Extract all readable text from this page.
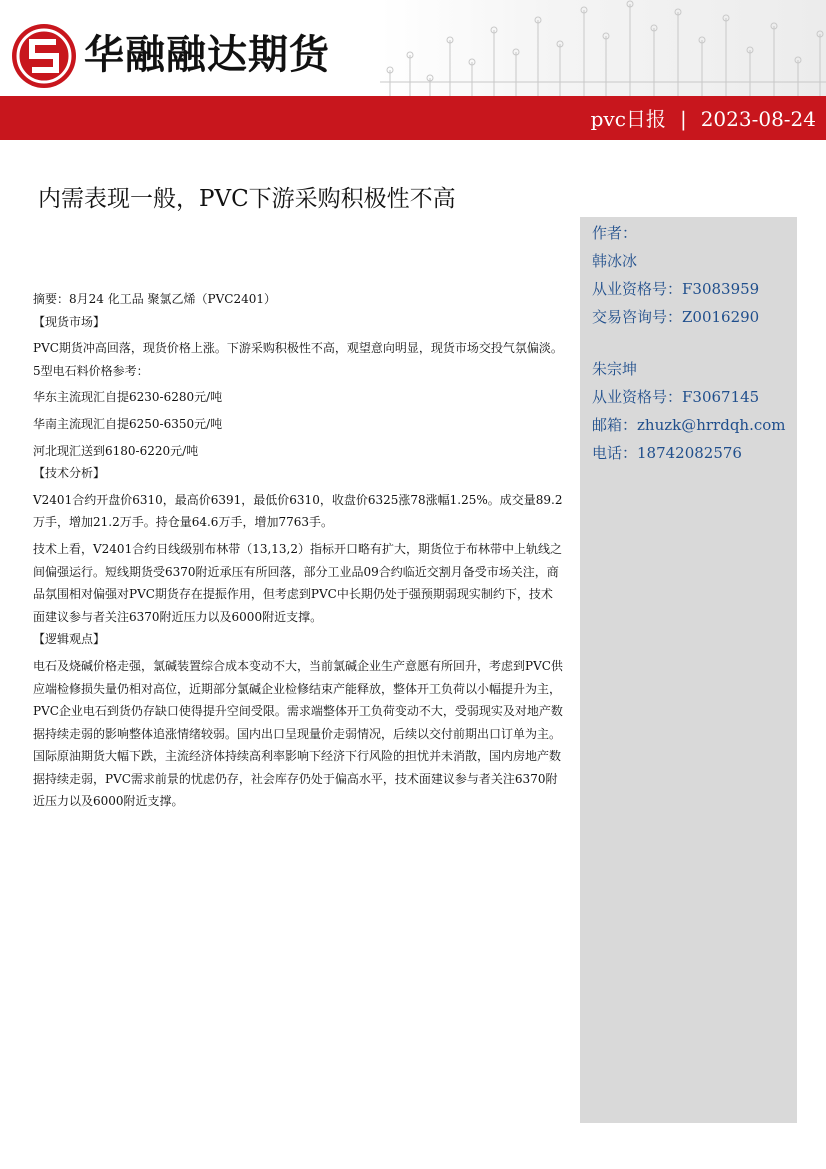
华融融达期货
pvc日报 | 2023-08-24
内需表现一般，PVC下游采购积极性不高
作者：
韩冰冰
从业资格号：F3083959
交易咨询号：Z0016290
朱宗坤
从业资格号：F3067145
邮箱：zhuzk@hrrdqh.com
电话：18742082576

摘要：8月24 化工品 聚氯乙烯（PVC2401）

【现货市场】

PVC期货冲高回落，现货价格上涨。下游采购积极性不高，观望意向明显，现货市场交投气氛偏淡。5型电石料价格参考：

华东主流现汇自提6230-6280元/吨

华南主流现汇自提6250-6350元/吨

河北现汇送到6180-6220元/吨

【技术分析】

V2401合约开盘价6310，最高价6391，最低价6310，收盘价6325涨78涨幅1.25%。成交量89.2万手，增加21.2万手。持仓量64.6万手，增加7763手。

技术上看，V2401合约日线级别布林带（13,13,2）指标开口略有扩大，期货位于布林带中上轨线之间偏强运行。短线期货受6370附近承压有所回落，部分工业品09合约临近交割月备受市场关注，商品氛围相对偏强对PVC期货存在提振作用，但考虑到PVC中长期仍处于强预期弱现实制约下，技术面建议参与者关注6370附近压力以及6000附近支撑。

【逻辑观点】

电石及烧碱价格走强，氯碱装置综合成本变动不大，当前氯碱企业生产意愿有所回升，考虑到PVC供应端检修损失量仍相对高位，近期部分氯碱企业检修结束产能释放，整体开工负荷以小幅提升为主，PVC企业电石到货仍存缺口使得提升空间受限。需求端整体开工负荷变动不大，受弱现实及对地产数据持续走弱的影响整体追涨情绪较弱。国内出口呈现量价走弱情况，后续以交付前期出口订单为主。国际原油期货大幅下跌，主流经济体持续高利率影响下经济下行风险的担忧并未消散，国内房地产数据持续走弱，PVC需求前景的忧虑仍存，社会库存仍处于偏高水平，技术面建议参与者关注6370附近压力以及6000附近支撑。
